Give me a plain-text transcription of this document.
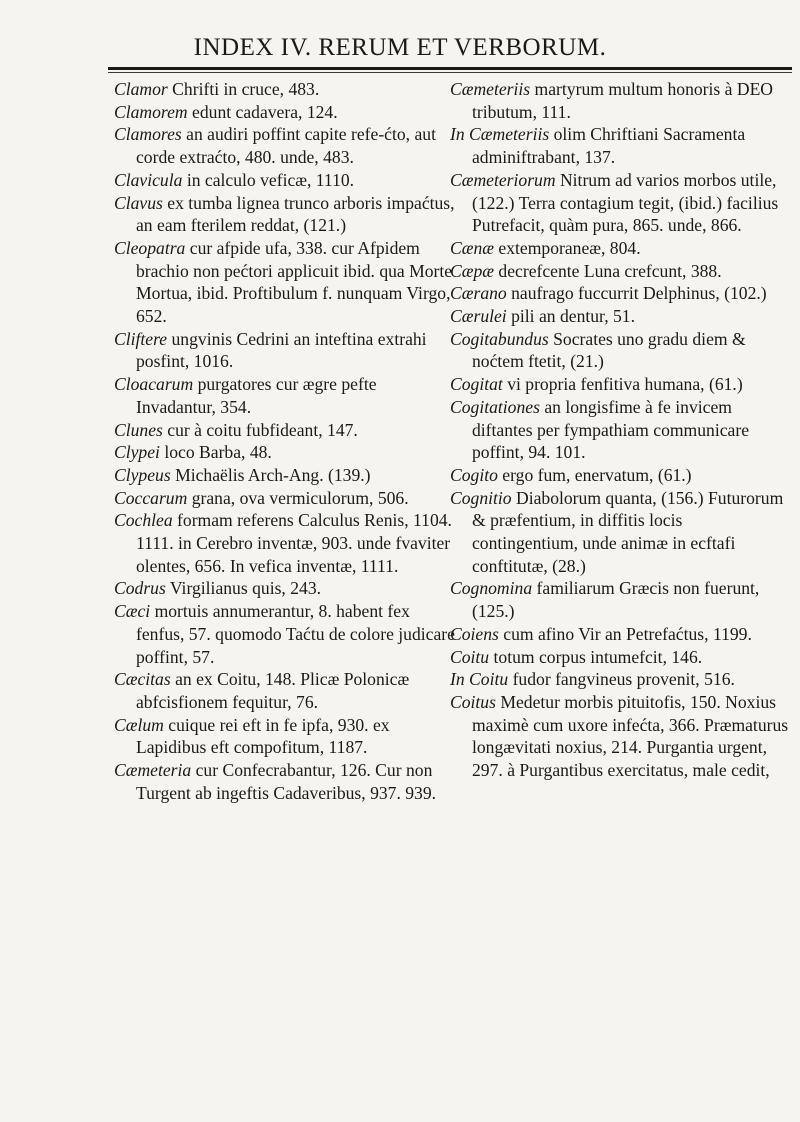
INDEX IV. RERUM ET VERBORUM.

Clamor Chrifti in cruce, 483.

Clamorem edunt cadavera, 124.

Clamores an audiri poffint capite refe-ćto, aut corde extraćto, 480. unde, 483.

Clavicula in calculo veficæ, 1110.

Clavus ex tumba lignea trunco arboris impaćtus, an eam fterilem reddat, (121.)

Cleopatra cur afpide ufa, 338. cur Afpidem brachio non pećtori applicuit ibid. qua Morte Mortua, ibid. Proftibulum f. nunquam Virgo, 652.

Cliftere ungvinis Cedrini an inteftina extrahi posfint, 1016.

Cloacarum purgatores cur ægre pefte Invadantur, 354.

Clunes cur à coitu fubfideant, 147.

Clypei loco Barba, 48.

Clypeus Michaëlis Arch-Ang. (139.)

Coccarum grana, ova vermiculorum, 506.

Cochlea formam referens Calculus Renis, 1104. 1111. in Cerebro inventæ, 903. unde fvaviter olentes, 656. In vefica inventæ, 1111.

Codrus Virgilianus quis, 243.

Cæci mortuis annumerantur, 8. habent fex fenfus, 57. quomodo Taćtu de colore judicare poffint, 57.

Cæcitas an ex Coitu, 148. Plicæ Polonicæ abfcisfionem fequitur, 76.

Cælum cuique rei eft in fe ipfa, 930. ex Lapidibus eft compofitum, 1187.

Cæmeteria cur Confecrabantur, 126. Cur non Turgent ab ingeftis Cadaveribus, 937. 939.

Cæmeteriis martyrum multum honoris à DEO tributum, 111.

In Cæmeteriis olim Chriftiani Sacramenta adminiftrabant, 137.

Cæmeteriorum Nitrum ad varios morbos utile, (122.) Terra contagium tegit, (ibid.) facilius Putrefacit, quàm pura, 865. unde, 866.

Cænæ extemporaneæ, 804.

Cæpæ decrefcente Luna crefcunt, 388.

Cærano naufrago fuccurrit Delphinus, (102.)

Cærulei pili an dentur, 51.

Cogitabundus Socrates uno gradu diem & noćtem ftetit, (21.)

Cogitat vi propria fenfitiva humana, (61.)

Cogitationes an longisfime à fe invicem diftantes per fympathiam communicare poffint, 94. 101.

Cogito ergo fum, enervatum, (61.)

Cognitio Diabolorum quanta, (156.) Futurorum & præfentium, in diffitis locis contingentium, unde animæ in ecftafi conftitutæ, (28.)

Cognomina familiarum Græcis non fuerunt, (125.)

Coiens cum afino Vir an Petrefaćtus, 1199.

Coitu totum corpus intumefcit, 146.

In Coitu fudor fangvineus provenit, 516.

Coitus Medetur morbis pituitofis, 150. Noxius maximè cum uxore infećta, 366. Præmaturus longævitati noxius, 214. Purgantia urgent, 297. à Purgantibus exercitatus, male cedit,
